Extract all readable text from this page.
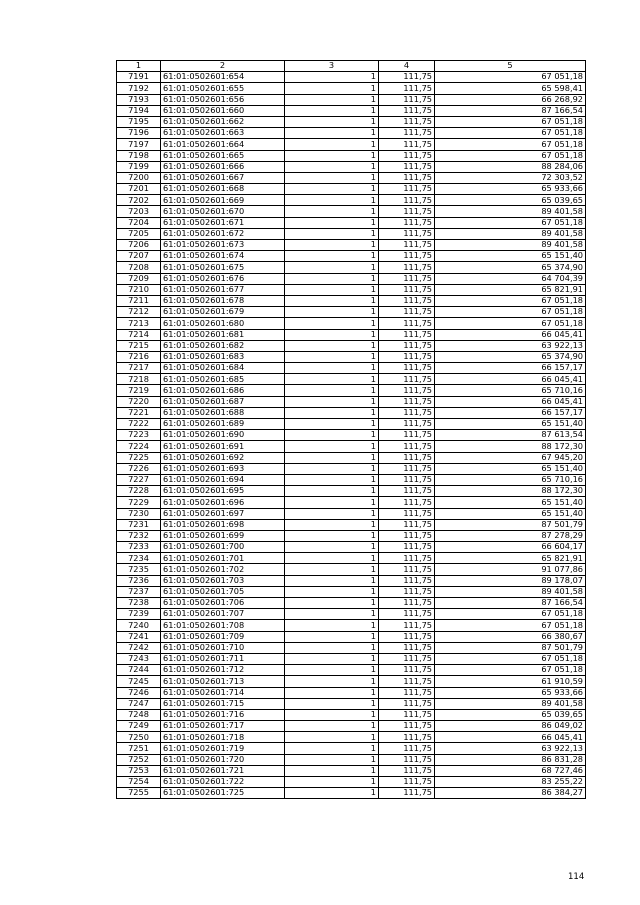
1	2	3	4	5
7191	61:01:0502601:654	1	111,75	67 051,18
7192	61:01:0502601:655	1	111,75	65 598,41
7193	61:01:0502601:656	1	111,75	66 268,92
7194	61:01:0502601:660	1	111,75	87 166,54
7195	61:01:0502601:662	1	111,75	67 051,18
7196	61:01:0502601:663	1	111,75	67 051,18
7197	61:01:0502601:664	1	111,75	67 051,18
7198	61:01:0502601:665	1	111,75	67 051,18
7199	61:01:0502601:666	1	111,75	88 284,06
7200	61:01:0502601:667	1	111,75	72 303,52
7201	61:01:0502601:668	1	111,75	65 933,66
7202	61:01:0502601:669	1	111,75	65 039,65
7203	61:01:0502601:670	1	111,75	89 401,58
7204	61:01:0502601:671	1	111,75	67 051,18
7205	61:01:0502601:672	1	111,75	89 401,58
7206	61:01:0502601:673	1	111,75	89 401,58
7207	61:01:0502601:674	1	111,75	65 151,40
7208	61:01:0502601:675	1	111,75	65 374,90
7209	61:01:0502601:676	1	111,75	64 704,39
7210	61:01:0502601:677	1	111,75	65 821,91
7211	61:01:0502601:678	1	111,75	67 051,18
7212	61:01:0502601:679	1	111,75	67 051,18
7213	61:01:0502601:680	1	111,75	67 051,18
7214	61:01:0502601:681	1	111,75	66 045,41
7215	61:01:0502601:682	1	111,75	63 922,13
7216	61:01:0502601:683	1	111,75	65 374,90
7217	61:01:0502601:684	1	111,75	66 157,17
7218	61:01:0502601:685	1	111,75	66 045,41
7219	61:01:0502601:686	1	111,75	65 710,16
7220	61:01:0502601:687	1	111,75	66 045,41
7221	61:01:0502601:688	1	111,75	66 157,17
7222	61:01:0502601:689	1	111,75	65 151,40
7223	61:01:0502601:690	1	111,75	87 613,54
7224	61:01:0502601:691	1	111,75	88 172,30
7225	61:01:0502601:692	1	111,75	67 945,20
7226	61:01:0502601:693	1	111,75	65 151,40
7227	61:01:0502601:694	1	111,75	65 710,16
7228	61:01:0502601:695	1	111,75	88 172,30
7229	61:01:0502601:696	1	111,75	65 151,40
7230	61:01:0502601:697	1	111,75	65 151,40
7231	61:01:0502601:698	1	111,75	87 501,79
7232	61:01:0502601:699	1	111,75	87 278,29
7233	61:01:0502601:700	1	111,75	66 604,17
7234	61:01:0502601:701	1	111,75	65 821,91
7235	61:01:0502601:702	1	111,75	91 077,86
7236	61:01:0502601:703	1	111,75	89 178,07
7237	61:01:0502601:705	1	111,75	89 401,58
7238	61:01:0502601:706	1	111,75	87 166,54
7239	61:01:0502601:707	1	111,75	67 051,18
7240	61:01:0502601:708	1	111,75	67 051,18
7241	61:01:0502601:709	1	111,75	66 380,67
7242	61:01:0502601:710	1	111,75	87 501,79
7243	61:01:0502601:711	1	111,75	67 051,18
7244	61:01:0502601:712	1	111,75	67 051,18
7245	61:01:0502601:713	1	111,75	61 910,59
7246	61:01:0502601:714	1	111,75	65 933,66
7247	61:01:0502601:715	1	111,75	89 401,58
7248	61:01:0502601:716	1	111,75	65 039,65
7249	61:01:0502601:717	1	111,75	86 049,02
7250	61:01:0502601:718	1	111,75	66 045,41
7251	61:01:0502601:719	1	111,75	63 922,13
7252	61:01:0502601:720	1	111,75	86 831,28
7253	61:01:0502601:721	1	111,75	68 727,46
7254	61:01:0502601:722	1	111,75	83 255,22
7255	61:01:0502601:725	1	111,75	86 384,27
114
